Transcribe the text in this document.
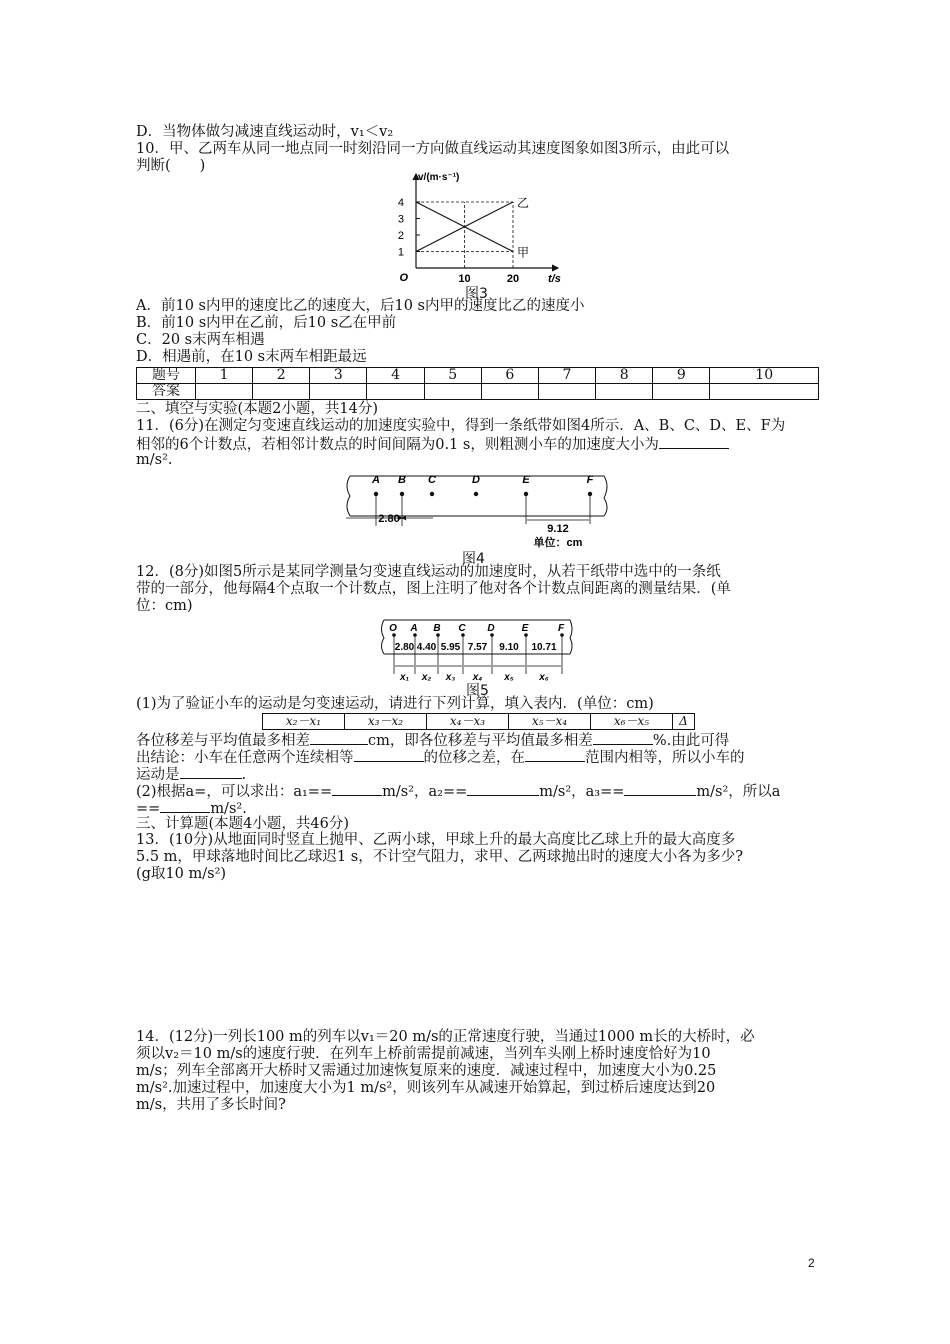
D．当物体做匀减速直线运动时，v₁＜v₂
10．甲、乙两车从同一地点同一时刻沿同一方向做直线运动其速度图象如图3所示，由此可以
判断(　　)
1
2
3
4
10	20
O
v/(m·s⁻¹)
t/s
甲
乙
图3
A．前10 s内甲的速度比乙的速度大，后10 s内甲的速度比乙的速度小
B．前10 s内甲在乙前，后10 s乙在甲前
C．20 s末两车相遇
D．相遇前，在10 s末两车相距最远
题号	1	2	3	4	5	6	7	8	9	10
答案										
二、填空与实验(本题2小题，共14分)
11．(6分)在测定匀变速直线运动的加速度实验中，得到一条纸带如图4所示．A、B、C、D、E、F为
相邻的6个计数点，若相邻计数点的时间间隔为0.1 s，则粗测小车的加速度大小为
m/s².
A B C	D	E	F
2.80
9.12
单位：cm
图4
12．(8分)如图5所示是某同学测量匀变速直线运动的加速度时，从若干纸带中选中的一条纸
带的一部分，他每隔4个点取一个计数点，图上注明了他对各个计数点间距离的测量结果．(单
位：cm)
O A B C D	E	F
2.80
x₁
4.40
x₂
5.95
x₃
7.57
x₄
9.10
x₅
10.71
x₆
图5
(1)为了验证小车的运动是匀变速运动，请进行下列计算，填入表内．(单位：cm)
x₂－x₁	x₃－x₂	x₄－x₃	x₅－x₄	x₆－x₅	Δ
各位移差与平均值最多相差	cm，即各位移差与平均值最多相差	%.由此可得
出结论：小车在任意两个连续相等	的位移之差，在	范围内相等，所以小车的
运动是	.
(2)根据a=，可以求出：a₁==	m/s²，a₂==	m/s²，a₃==	m/s²，所以a
==	m/s².
三、计算题(本题4小题，共46分)
13．(10分)从地面同时竖直上抛甲、乙两小球，甲球上升的最大高度比乙球上升的最大高度多
5.5 m，甲球落地时间比乙球迟1 s，不计空气阻力，求甲、乙两球抛出时的速度大小各为多少?
(g取10 m/s²)
14．(12分)一列长100 m的列车以v₁＝20 m/s的正常速度行驶，当通过1000 m长的大桥时，必
须以v₂＝10 m/s的速度行驶．在列车上桥前需提前减速，当列车头刚上桥时速度恰好为10
m/s；列车全部离开大桥时又需通过加速恢复原来的速度．减速过程中，加速度大小为0.25
m/s².加速过程中，加速度大小为1 m/s²，则该列车从减速开始算起，到过桥后速度达到20
m/s，共用了多长时间?
2
